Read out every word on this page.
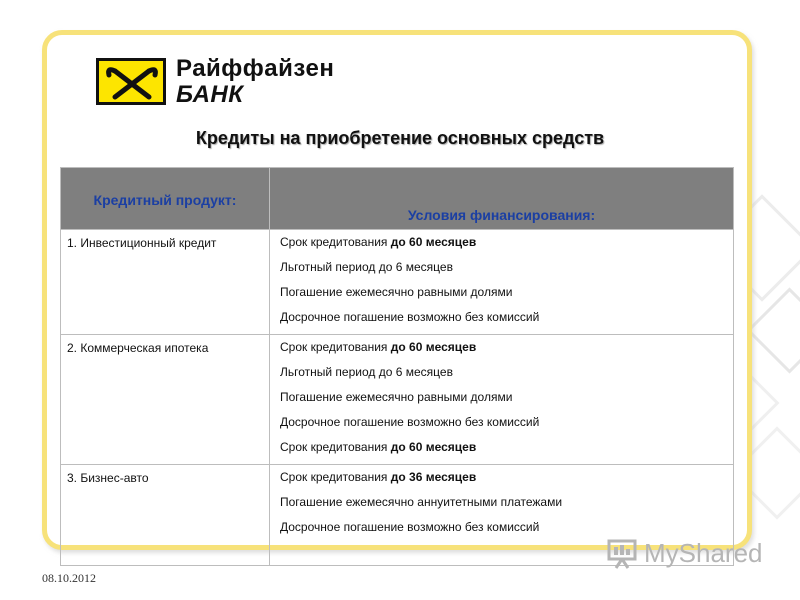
Райффайзен
БАНК
Кредиты на приобретение основных средств
Кредитный продукт:	Условия финансирования:
1. Инвестиционный кредит	Срок кредитования до 60 месяцев
Льготный период до 6 месяцев
Погашение ежемесячно равными долями
Досрочное погашение возможно без комиссий

2. Коммерческая ипотека	Срок кредитования до 60 месяцев
Льготный период до 6 месяцев
Погашение ежемесячно равными долями
Досрочное погашение возможно без комиссий
Срок кредитования до 60 месяцев

3. Бизнес-авто	Срок кредитования до 36 месяцев
Погашение ежемесячно аннуитетными платежами
Досрочное погашение возможно без комиссий
08.10.2012
MyShared
